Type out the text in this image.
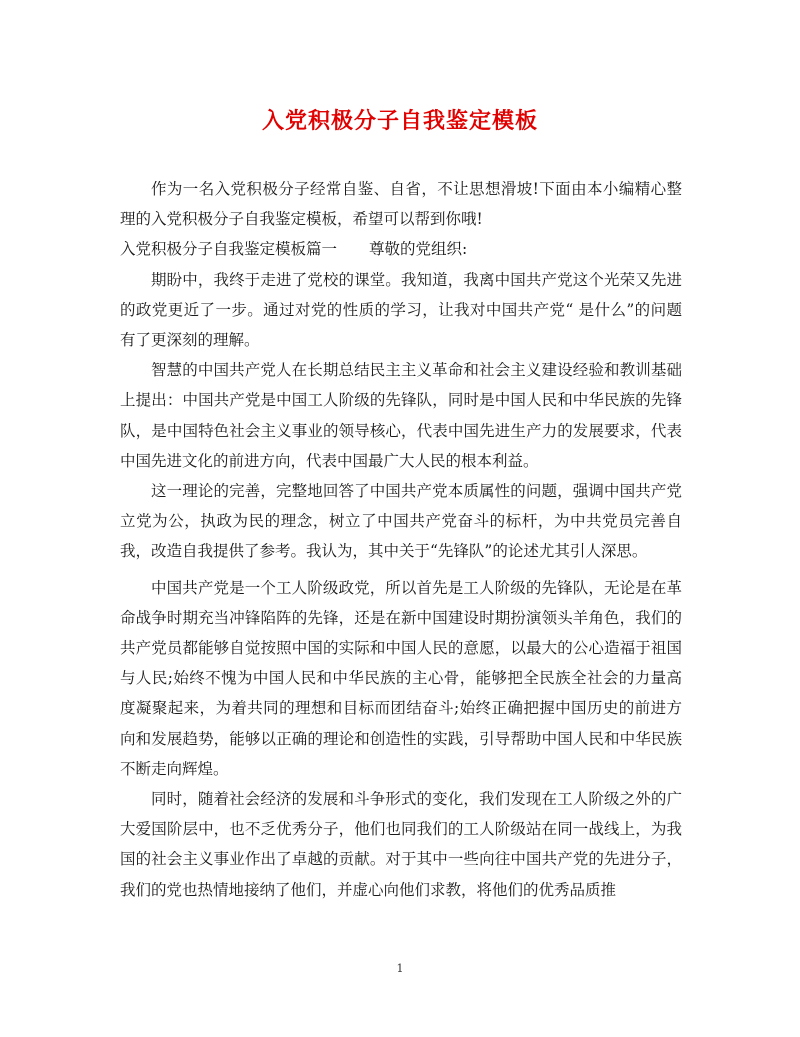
入党积极分子自我鉴定模板

作为一名入党积极分子经常自鉴、自省，不让思想滑坡!下面由本小编精心整理的入党积极分子自我鉴定模板，希望可以帮到你哦!

入党积极分子自我鉴定模板篇一 尊敬的党组织:

期盼中，我终于走进了党校的课堂。我知道，我离中国共产党这个光荣又先进的政党更近了一步。通过对党的性质的学习，让我对中国共产党“ 是什么”的问题有了更深刻的理解。

智慧的中国共产党人在长期总结民主主义革命和社会主义建设经验和教训基础上提出：中国共产党是中国工人阶级的先锋队，同时是中国人民和中华民族的先锋队，是中国特色社会主义事业的领导核心，代表中国先进生产力的发展要求，代表中国先进文化的前进方向，代表中国最广大人民的根本利益。

这一理论的完善，完整地回答了中国共产党本质属性的问题，强调中国共产党立党为公，执政为民的理念，树立了中国共产党奋斗的标杆，为中共党员完善自我，改造自我提供了参考。我认为，其中关于“先锋队”的论述尤其引人深思。

中国共产党是一个工人阶级政党，所以首先是工人阶级的先锋队，无论是在革命战争时期充当冲锋陷阵的先锋，还是在新中国建设时期扮演领头羊角色，我们的共产党员都能够自觉按照中国的实际和中国人民的意愿，以最大的公心造福于祖国与人民;始终不愧为中国人民和中华民族的主心骨，能够把全民族全社会的力量高度凝聚起来，为着共同的理想和目标而团结奋斗;始终正确把握中国历史的前进方向和发展趋势，能够以正确的理论和创造性的实践，引导帮助中国人民和中华民族不断走向辉煌。

同时，随着社会经济的发展和斗争形式的变化，我们发现在工人阶级之外的广大爱国阶层中，也不乏优秀分子，他们也同我们的工人阶级站在同一战线上，为我国的社会主义事业作出了卓越的贡献。对于其中一些向往中国共产党的先进分子，我们的党也热情地接纳了他们，并虚心向他们求教，将他们的优秀品质推

1
